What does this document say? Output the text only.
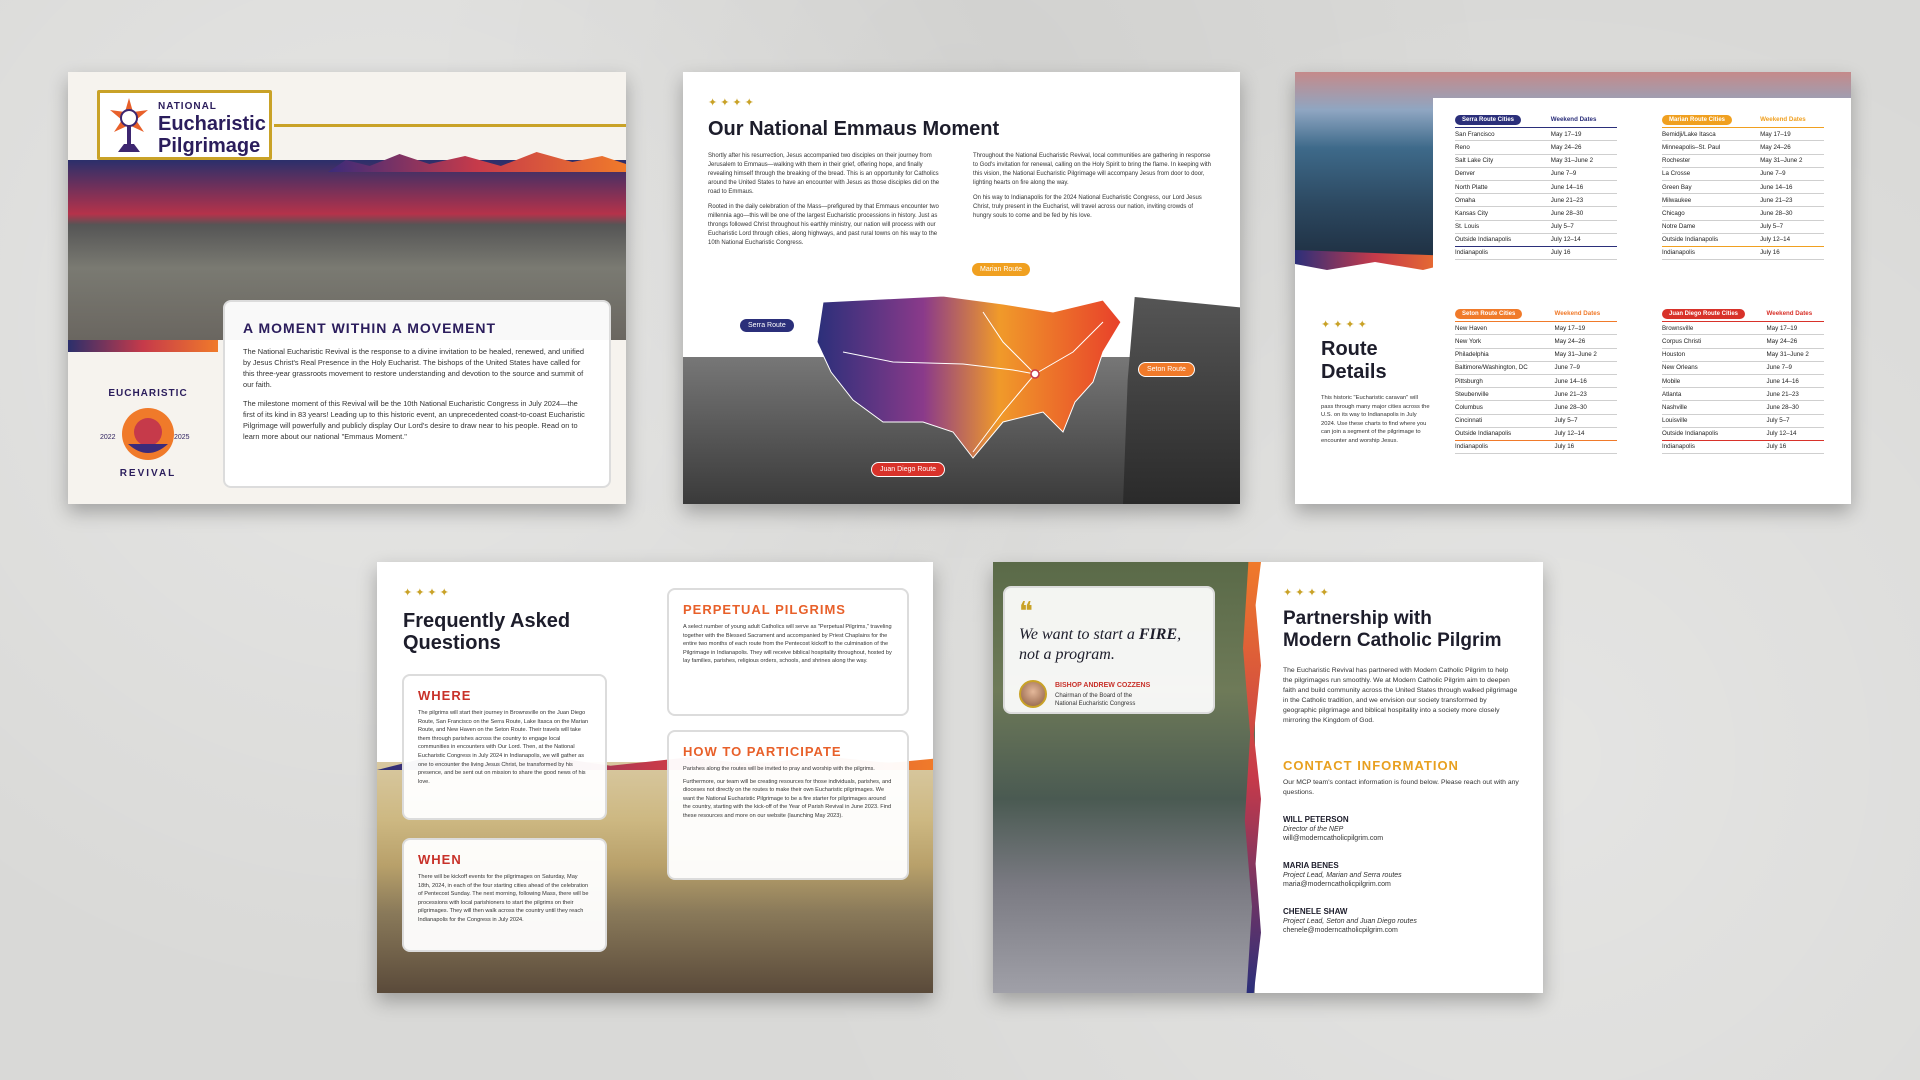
NATIONAL
Eucharistic
Pilgrimage
A MOMENT WITHIN A MOVEMENT

The National Eucharistic Revival is the response to a divine invitation to be healed, renewed, and unified by Jesus Christ's Real Presence in the Holy Eucharist. The bishops of the United States have called for this three-year grassroots movement to restore understanding and devotion to the source and summit of our faith.

The milestone moment of this Revival will be the 10th National Eucharistic Congress in July 2024—the first of its kind in 83 years! Leading up to this historic event, an unprecedented coast-to-coast Eucharistic Pilgrimage will powerfully and publicly display Our Lord's desire to draw near to his people. Read on to learn more about our national "Emmaus Moment."

EUCHARISTIC
REVIVAL
2022	2025
✦✦✦✦
Our National Emmaus Moment

Shortly after his resurrection, Jesus accompanied two disciples on their journey from Jerusalem to Emmaus—walking with them in their grief, offering hope, and finally revealing himself through the breaking of the bread. This is an opportunity for Catholics around the United States to have an encounter with Jesus as those disciples did on the road to Emmaus.

Rooted in the daily celebration of the Mass—prefigured by that Emmaus encounter two millennia ago—this will be one of the largest Eucharistic processions in history. Just as throngs followed Christ throughout his earthly ministry, our nation will process with our Eucharistic Lord through cities, along highways, and past rural towns on his way to the 10th National Eucharistic Congress.

Throughout the National Eucharistic Revival, local communities are gathering in response to God's invitation for renewal, calling on the Holy Spirit to bring the flame. In keeping with this vision, the National Eucharistic Pilgrimage will accompany Jesus from door to door, lighting hearts on fire along the way.

On his way to Indianapolis for the 2024 National Eucharistic Congress, our Lord Jesus Christ, truly present in the Eucharist, will travel across our nation, inviting crowds of hungry souls to come and be fed by his love.

Serra Route
Marian Route
Seton Route
Juan Diego Route
✦✦✦✦
Route
Details

This historic "Eucharistic caravan" will pass through many major cities across the U.S. on its way to Indianapolis in July 2024. Use these charts to find where you can join a segment of the pilgrimage to encounter and worship Jesus.

Serra Route Cities	Weekend Dates
San Francisco	May 17–19
Reno	May 24–26
Salt Lake City	May 31–June 2
Denver	June 7–9
North Platte	June 14–16
Omaha	June 21–23
Kansas City	June 28–30
St. Louis	July 5–7
Outside Indianapolis	July 12–14
Indianapolis	July 16
Marian Route Cities	Weekend Dates
Bemidji/Lake Itasca	May 17–19
Minneapolis–St. Paul	May 24–26
Rochester	May 31–June 2
La Crosse	June 7–9
Green Bay	June 14–16
Milwaukee	June 21–23
Chicago	June 28–30
Notre Dame	July 5–7
Outside Indianapolis	July 12–14
Indianapolis	July 16
Seton Route Cities	Weekend Dates
New Haven	May 17–19
New York	May 24–26
Philadelphia	May 31–June 2
Baltimore/Washington, DC	June 7–9
Pittsburgh	June 14–16
Steubenville	June 21–23
Columbus	June 28–30
Cincinnati	July 5–7
Outside Indianapolis	July 12–14
Indianapolis	July 16
Juan Diego Route Cities	Weekend Dates
Brownsville	May 17–19
Corpus Christi	May 24–26
Houston	May 31–June 2
New Orleans	June 7–9
Mobile	June 14–16
Atlanta	June 21–23
Nashville	June 28–30
Louisville	July 5–7
Outside Indianapolis	July 12–14
Indianapolis	July 16
✦✦✦✦
Frequently Asked
Questions
WHERE

The pilgrims will start their journey in Brownsville on the Juan Diego Route, San Francisco on the Serra Route, Lake Itasca on the Marian Route, and New Haven on the Seton Route. Their travels will take them through parishes across the country to engage local communities in encounters with Our Lord. Then, at the National Eucharistic Congress in July 2024 in Indianapolis, we will gather as one to encounter the living Jesus Christ, be transformed by his presence, and be sent out on mission to share the good news of his love.

WHEN

There will be kickoff events for the pilgrimages on Saturday, May 18th, 2024, in each of the four starting cities ahead of the celebration of Pentecost Sunday. The next morning, following Mass, there will be processions with local parishioners to start the pilgrims on their pilgrimages. They will then walk across the country until they reach Indianapolis for the Congress in July 2024.

PERPETUAL PILGRIMS

A select number of young adult Catholics will serve as "Perpetual Pilgrims," traveling together with the Blessed Sacrament and accompanied by Priest Chaplains for the entire two months of each route from the Pentecost kickoff to the culmination of the Pilgrimage in Indianapolis. They will receive biblical hospitality throughout, hosted by lay families, parishes, religious orders, schools, and shrines along the way.

HOW TO PARTICIPATE

Parishes along the routes will be invited to pray and worship with the pilgrims.

Furthermore, our team will be creating resources for those individuals, parishes, and dioceses not directly on the routes to make their own Eucharistic pilgrimages. We want the National Eucharistic Pilgrimage to be a fire starter for pilgrimages around the country, starting with the kick-off of the Year of Parish Revival in June 2023. Find these resources and more on our website (launching May 2023).

❝
We want to start a FIRE,
not a program.
BISHOP ANDREW COZZENS
Chairman of the Board of the
National Eucharistic Congress
✦✦✦✦
Partnership with
Modern Catholic Pilgrim

The Eucharistic Revival has partnered with Modern Catholic Pilgrim to help the pilgrimages run smoothly. We at Modern Catholic Pilgrim aim to deepen faith and build community across the United States through walked pilgrimage in the Catholic tradition, and we envision our society transformed by geographic pilgrimage and biblical hospitality into a society more closely mirroring the Kingdom of God.

CONTACT INFORMATION

Our MCP team's contact information is found below. Please reach out with any questions.

WILL PETERSON
Director of the NEP
will@moderncatholicpilgrim.com
MARIA BENES
Project Lead, Marian and Serra routes
maria@moderncatholicpilgrim.com
CHENELE SHAW
Project Lead, Seton and Juan Diego routes
chenele@moderncatholicpilgrim.com
